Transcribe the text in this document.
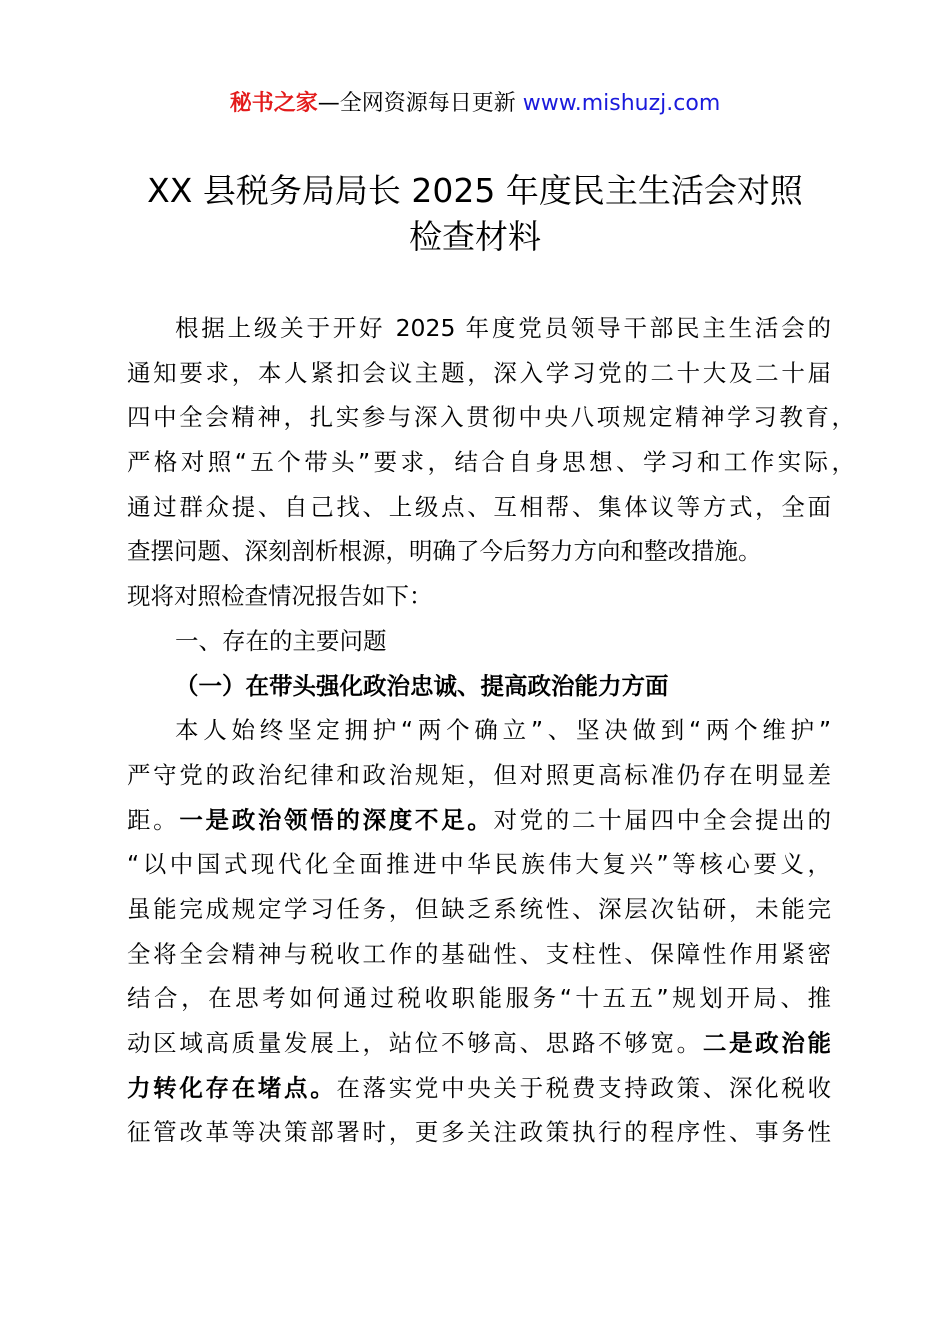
秘书之家—全网资源每日更新 www.mishuzj.com
XX 县税务局局长 2025 年度民主生活会对照
检查材料
根据上级关于开好 2025 年度党员领导干部民主生活会的
通知要求，本人紧扣会议主题，深入学习党的二十大及二十届
四中全会精神，扎实参与深入贯彻中央八项规定精神学习教育，
严格对照“五个带头”要求，结合自身思想、学习和工作实际，
通过群众提、自己找、上级点、互相帮、集体议等方式，全面
查摆问题、深刻剖析根源，明确了今后努力方向和整改措施。
现将对照检查情况报告如下：
一、存在的主要问题
（一）在带头强化政治忠诚、提高政治能力方面
本人始终坚定拥护“两个确立”、坚决做到“两个维护”
严守党的政治纪律和政治规矩，但对照更高标准仍存在明显差
距。一是政治领悟的深度不足。对党的二十届四中全会提出的
“以中国式现代化全面推进中华民族伟大复兴”等核心要义，
虽能完成规定学习任务，但缺乏系统性、深层次钻研，未能完
全将全会精神与税收工作的基础性、支柱性、保障性作用紧密
结合，在思考如何通过税收职能服务“十五五”规划开局、推
动区域高质量发展上，站位不够高、思路不够宽。二是政治能
力转化存在堵点。在落实党中央关于税费支持政策、深化税收
征管改革等决策部署时，更多关注政策执行的程序性、事务性
